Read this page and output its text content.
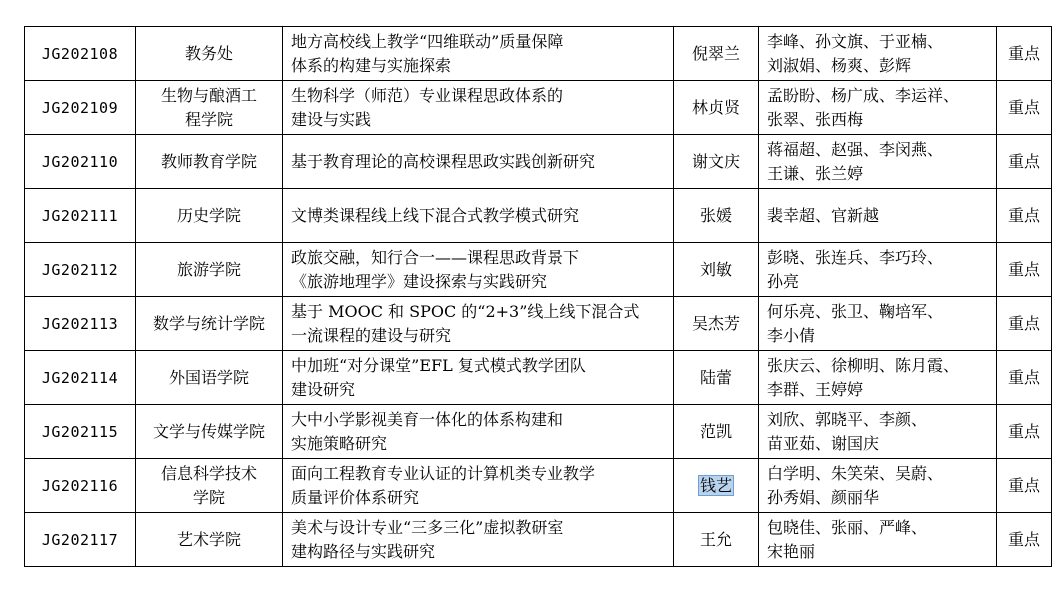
JG202108	教务处	地方高校线上教学“四维联动”质量保障
体系的构建与实施探索	倪翠兰	李峰、孙文旗、于亚楠、
刘淑娟、杨爽、彭辉	重点

JG202109	生物与酿酒工
程学院	生物科学（师范）专业课程思政体系的
建设与实践	林贞贤	孟盼盼、杨广成、李运祥、
张翠、张西梅	重点

JG202110	教师教育学院	基于教育理论的高校课程思政实践创新研究	谢文庆	蒋福超、赵强、李闵燕、
王谦、张兰婷	重点

JG202111	历史学院	文博类课程线上线下混合式教学模式研究	张媛	裴幸超、官新越	重点

JG202112	旅游学院	政旅交融，知行合一——课程思政背景下
《旅游地理学》建设探索与实践研究	刘敏	彭晓、张连兵、李巧玲、
孙亮	重点

JG202113	数学与统计学院	基于 MOOC 和 SPOC 的“2+3”线上线下混合式
一流课程的建设与研究	吴杰芳	何乐亮、张卫、鞠培军、
李小倩	重点

JG202114	外国语学院	中加班“对分课堂”EFL 复式模式教学团队
建设研究	陆蕾	张庆云、徐柳明、陈月霞、
李群、王婷婷	重点

JG202115	文学与传媒学院	大中小学影视美育一体化的体系构建和
实施策略研究	范凯	刘欣、郭晓平、李颜、
苗亚茹、谢国庆	重点

JG202116	信息科学技术
学院	面向工程教育专业认证的计算机类专业教学
质量评价体系研究	钱艺	白学明、朱笑荣、吴蔚、
孙秀娟、颜丽华	重点

JG202117	艺术学院	美术与设计专业“三多三化”虚拟教研室
建构路径与实践研究	王允	包晓佳、张丽、严峰、
宋艳丽	重点
